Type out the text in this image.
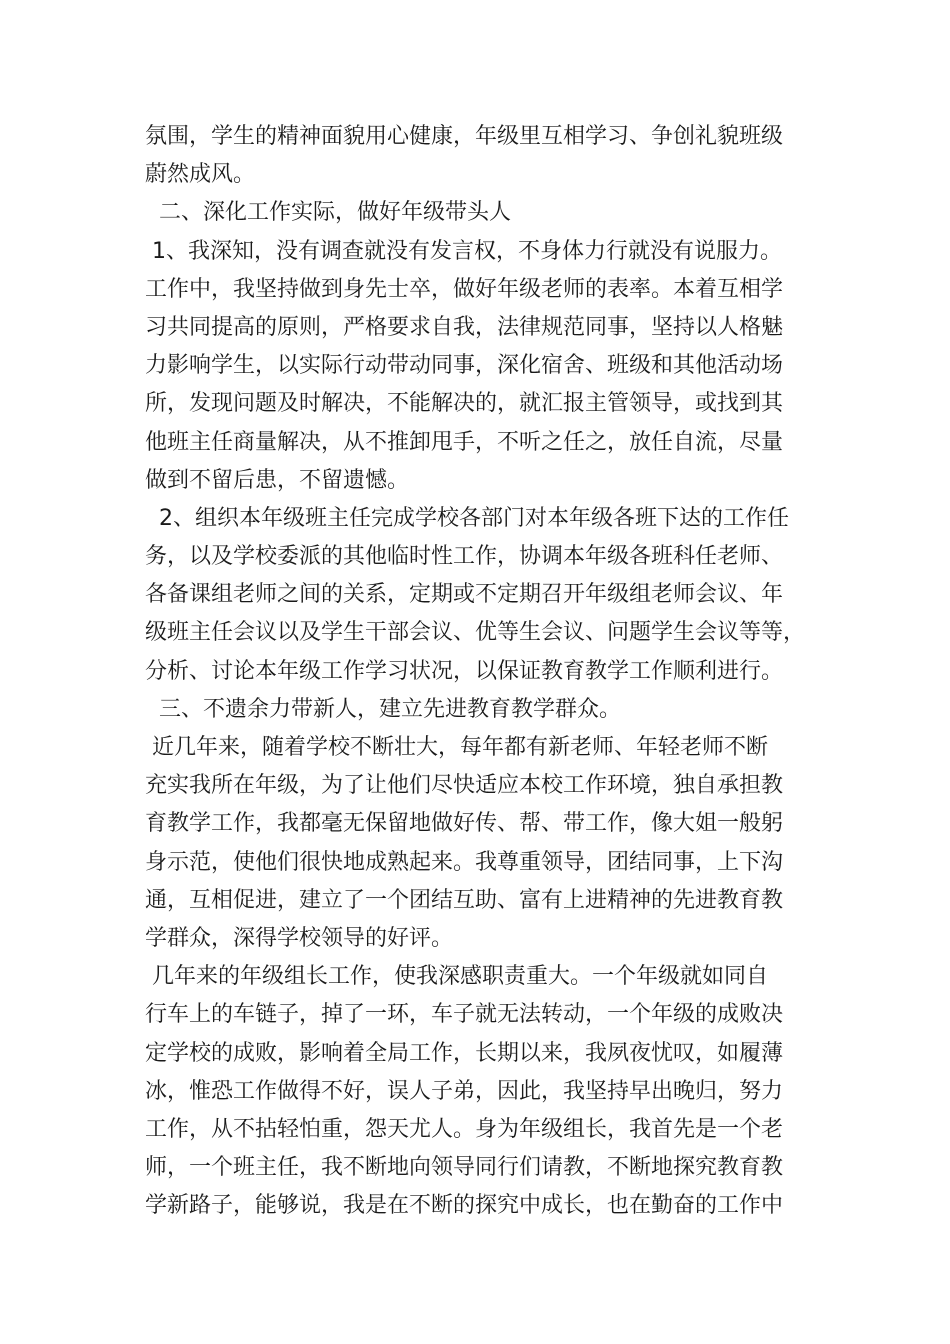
氛围，学生的精神面貌用心健康，年级里互相学习、争创礼貌班级
蔚然成风。
二、深化工作实际，做好年级带头人
1、我深知，没有调查就没有发言权，不身体力行就没有说服力。
工作中，我坚持做到身先士卒，做好年级老师的表率。本着互相学
习共同提高的原则，严格要求自我，法律规范同事，坚持以人格魅
力影响学生，以实际行动带动同事，深化宿舍、班级和其他活动场
所，发现问题及时解决，不能解决的，就汇报主管领导，或找到其
他班主任商量解决，从不推卸甩手，不听之任之，放任自流，尽量
做到不留后患，不留遗憾。
2、组织本年级班主任完成学校各部门对本年级各班下达的工作任
务，以及学校委派的其他临时性工作，协调本年级各班科任老师、
各备课组老师之间的关系，定期或不定期召开年级组老师会议、年
级班主任会议以及学生干部会议、优等生会议、问题学生会议等等，
分析、讨论本年级工作学习状况，以保证教育教学工作顺利进行。
三、不遗余力带新人，建立先进教育教学群众。
近几年来，随着学校不断壮大，每年都有新老师、年轻老师不断
充实我所在年级，为了让他们尽快适应本校工作环境，独自承担教
育教学工作，我都毫无保留地做好传、帮、带工作，像大姐一般躬
身示范，使他们很快地成熟起来。我尊重领导，团结同事，上下沟
通，互相促进，建立了一个团结互助、富有上进精神的先进教育教
学群众，深得学校领导的好评。
几年来的年级组长工作，使我深感职责重大。一个年级就如同自
行车上的车链子，掉了一环，车子就无法转动，一个年级的成败决
定学校的成败，影响着全局工作，长期以来，我夙夜忧叹，如履薄
冰，惟恐工作做得不好，误人子弟，因此，我坚持早出晚归，努力
工作，从不拈轻怕重，怨天尤人。身为年级组长，我首先是一个老
师，一个班主任，我不断地向领导同行们请教，不断地探究教育教
学新路子，能够说，我是在不断的探究中成长，也在勤奋的工作中
